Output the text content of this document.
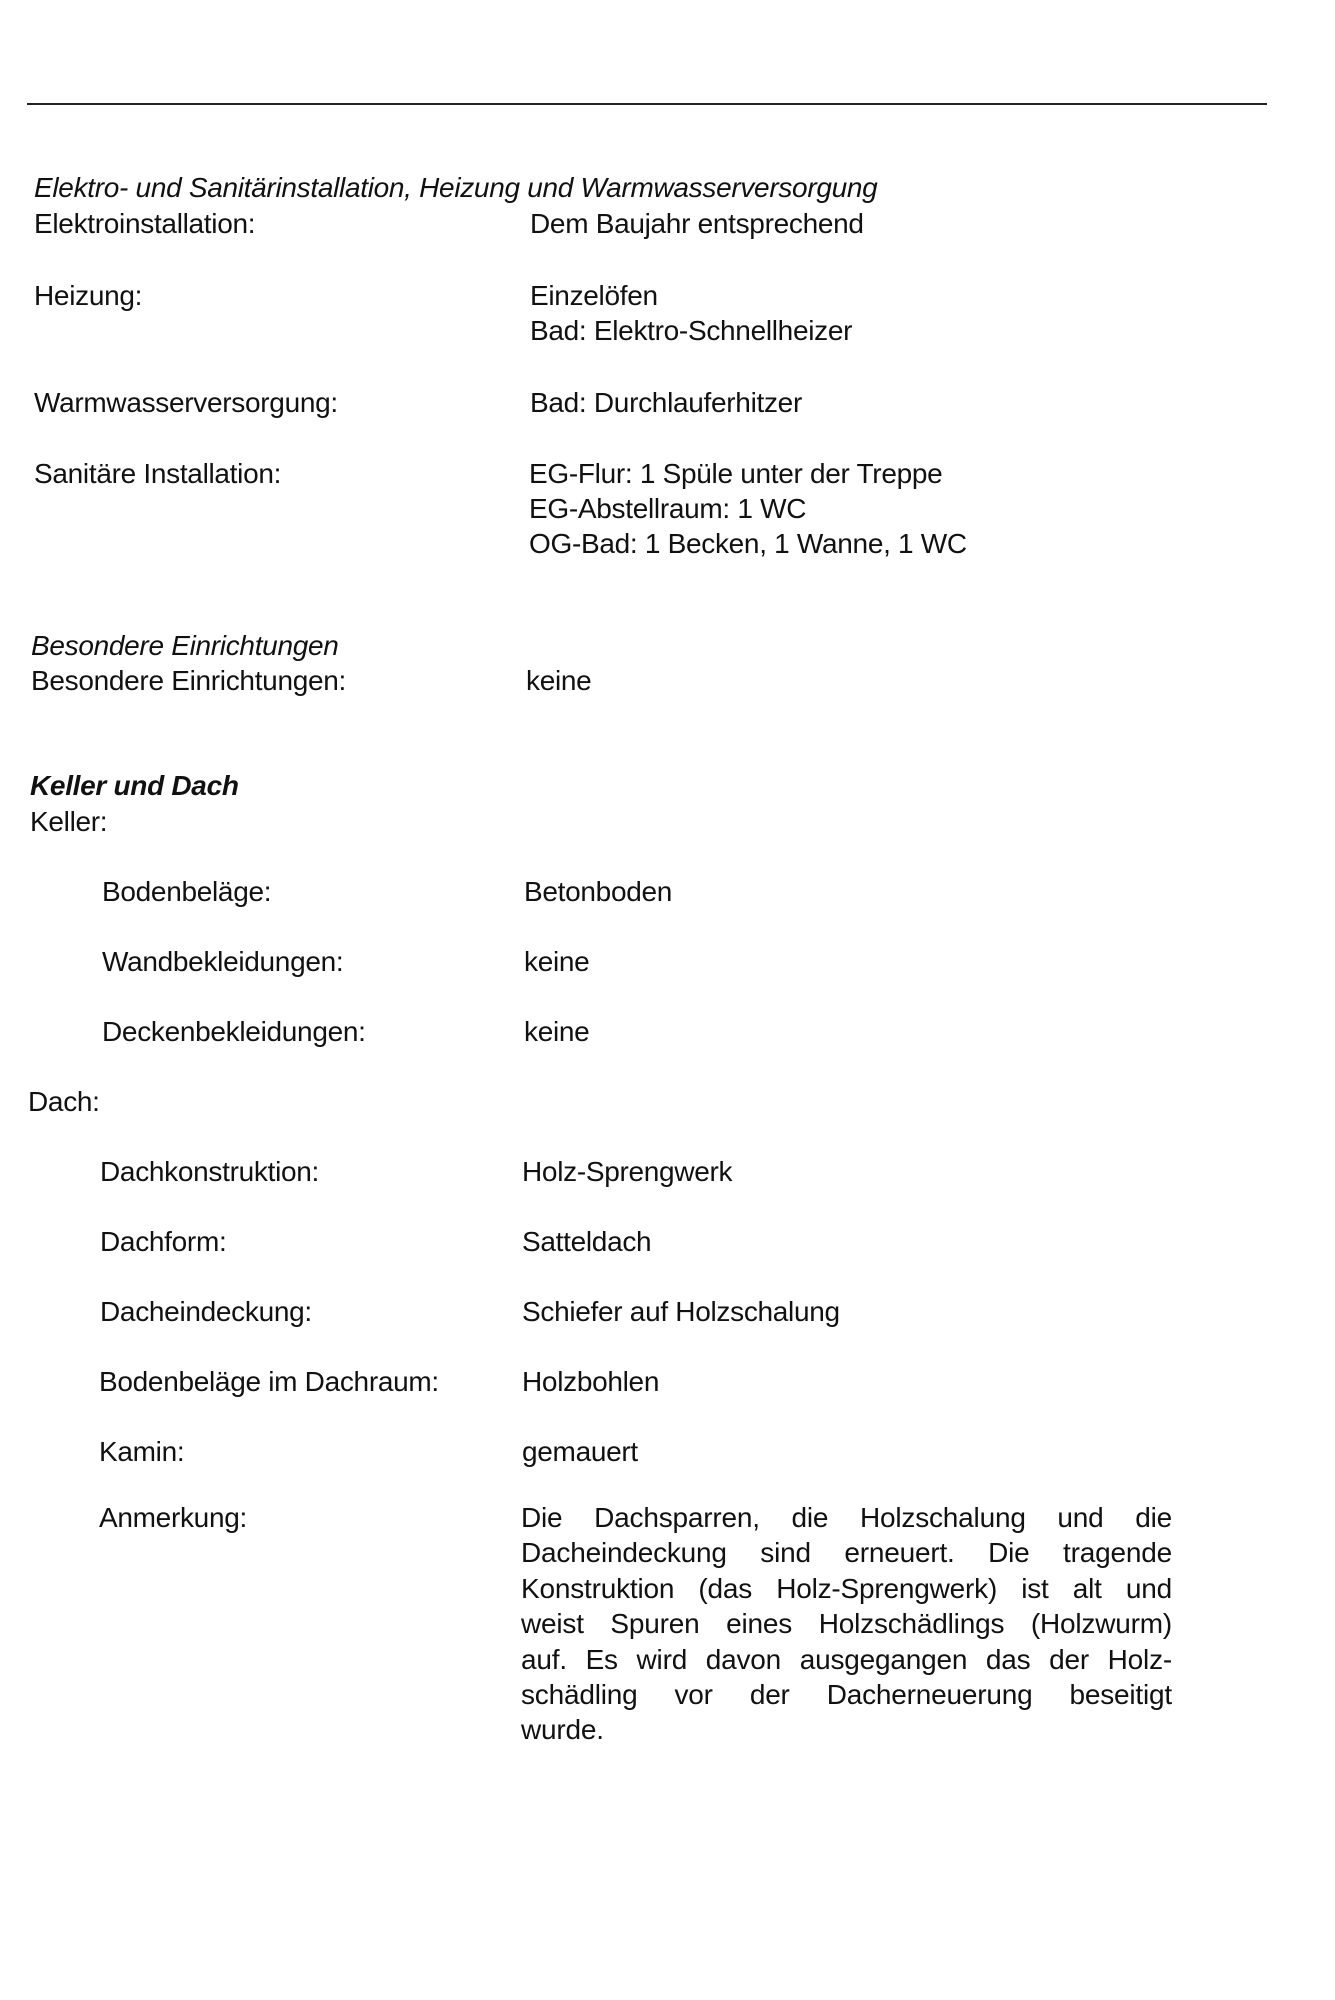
Elektro- und Sanitärinstallation, Heizung und Warmwasserversorgung
Elektroinstallation:	Dem Baujahr entsprechend
Heizung:	Einzelöfen
Bad: Elektro-Schnellheizer
Warmwasserversorgung:	Bad: Durchlauferhitzer
Sanitäre Installation:	EG-Flur: 1 Spüle unter der Treppe
EG-Abstellraum: 1 WC
OG-Bad: 1 Becken, 1 Wanne, 1 WC
Besondere Einrichtungen
Besondere Einrichtungen:	keine
Keller und Dach
Keller:
Bodenbeläge:	Betonboden
Wandbekleidungen:	keine
Deckenbekleidungen:	keine
Dach:
Dachkonstruktion:	Holz-Sprengwerk
Dachform:	Satteldach
Dacheindeckung:	Schiefer auf Holzschalung
Bodenbeläge im Dachraum:	Holzbohlen
Kamin:	gemauert
Anmerkung:	Die Dachsparren, die Holzschalung und die
Dacheindeckung sind erneuert. Die tragende
Konstruktion (das Holz-Sprengwerk) ist alt und
weist Spuren eines Holzschädlings (Holzwurm)
auf. Es wird davon ausgegangen das der Holz-
schädling vor der Dacherneuerung beseitigt
wurde.
